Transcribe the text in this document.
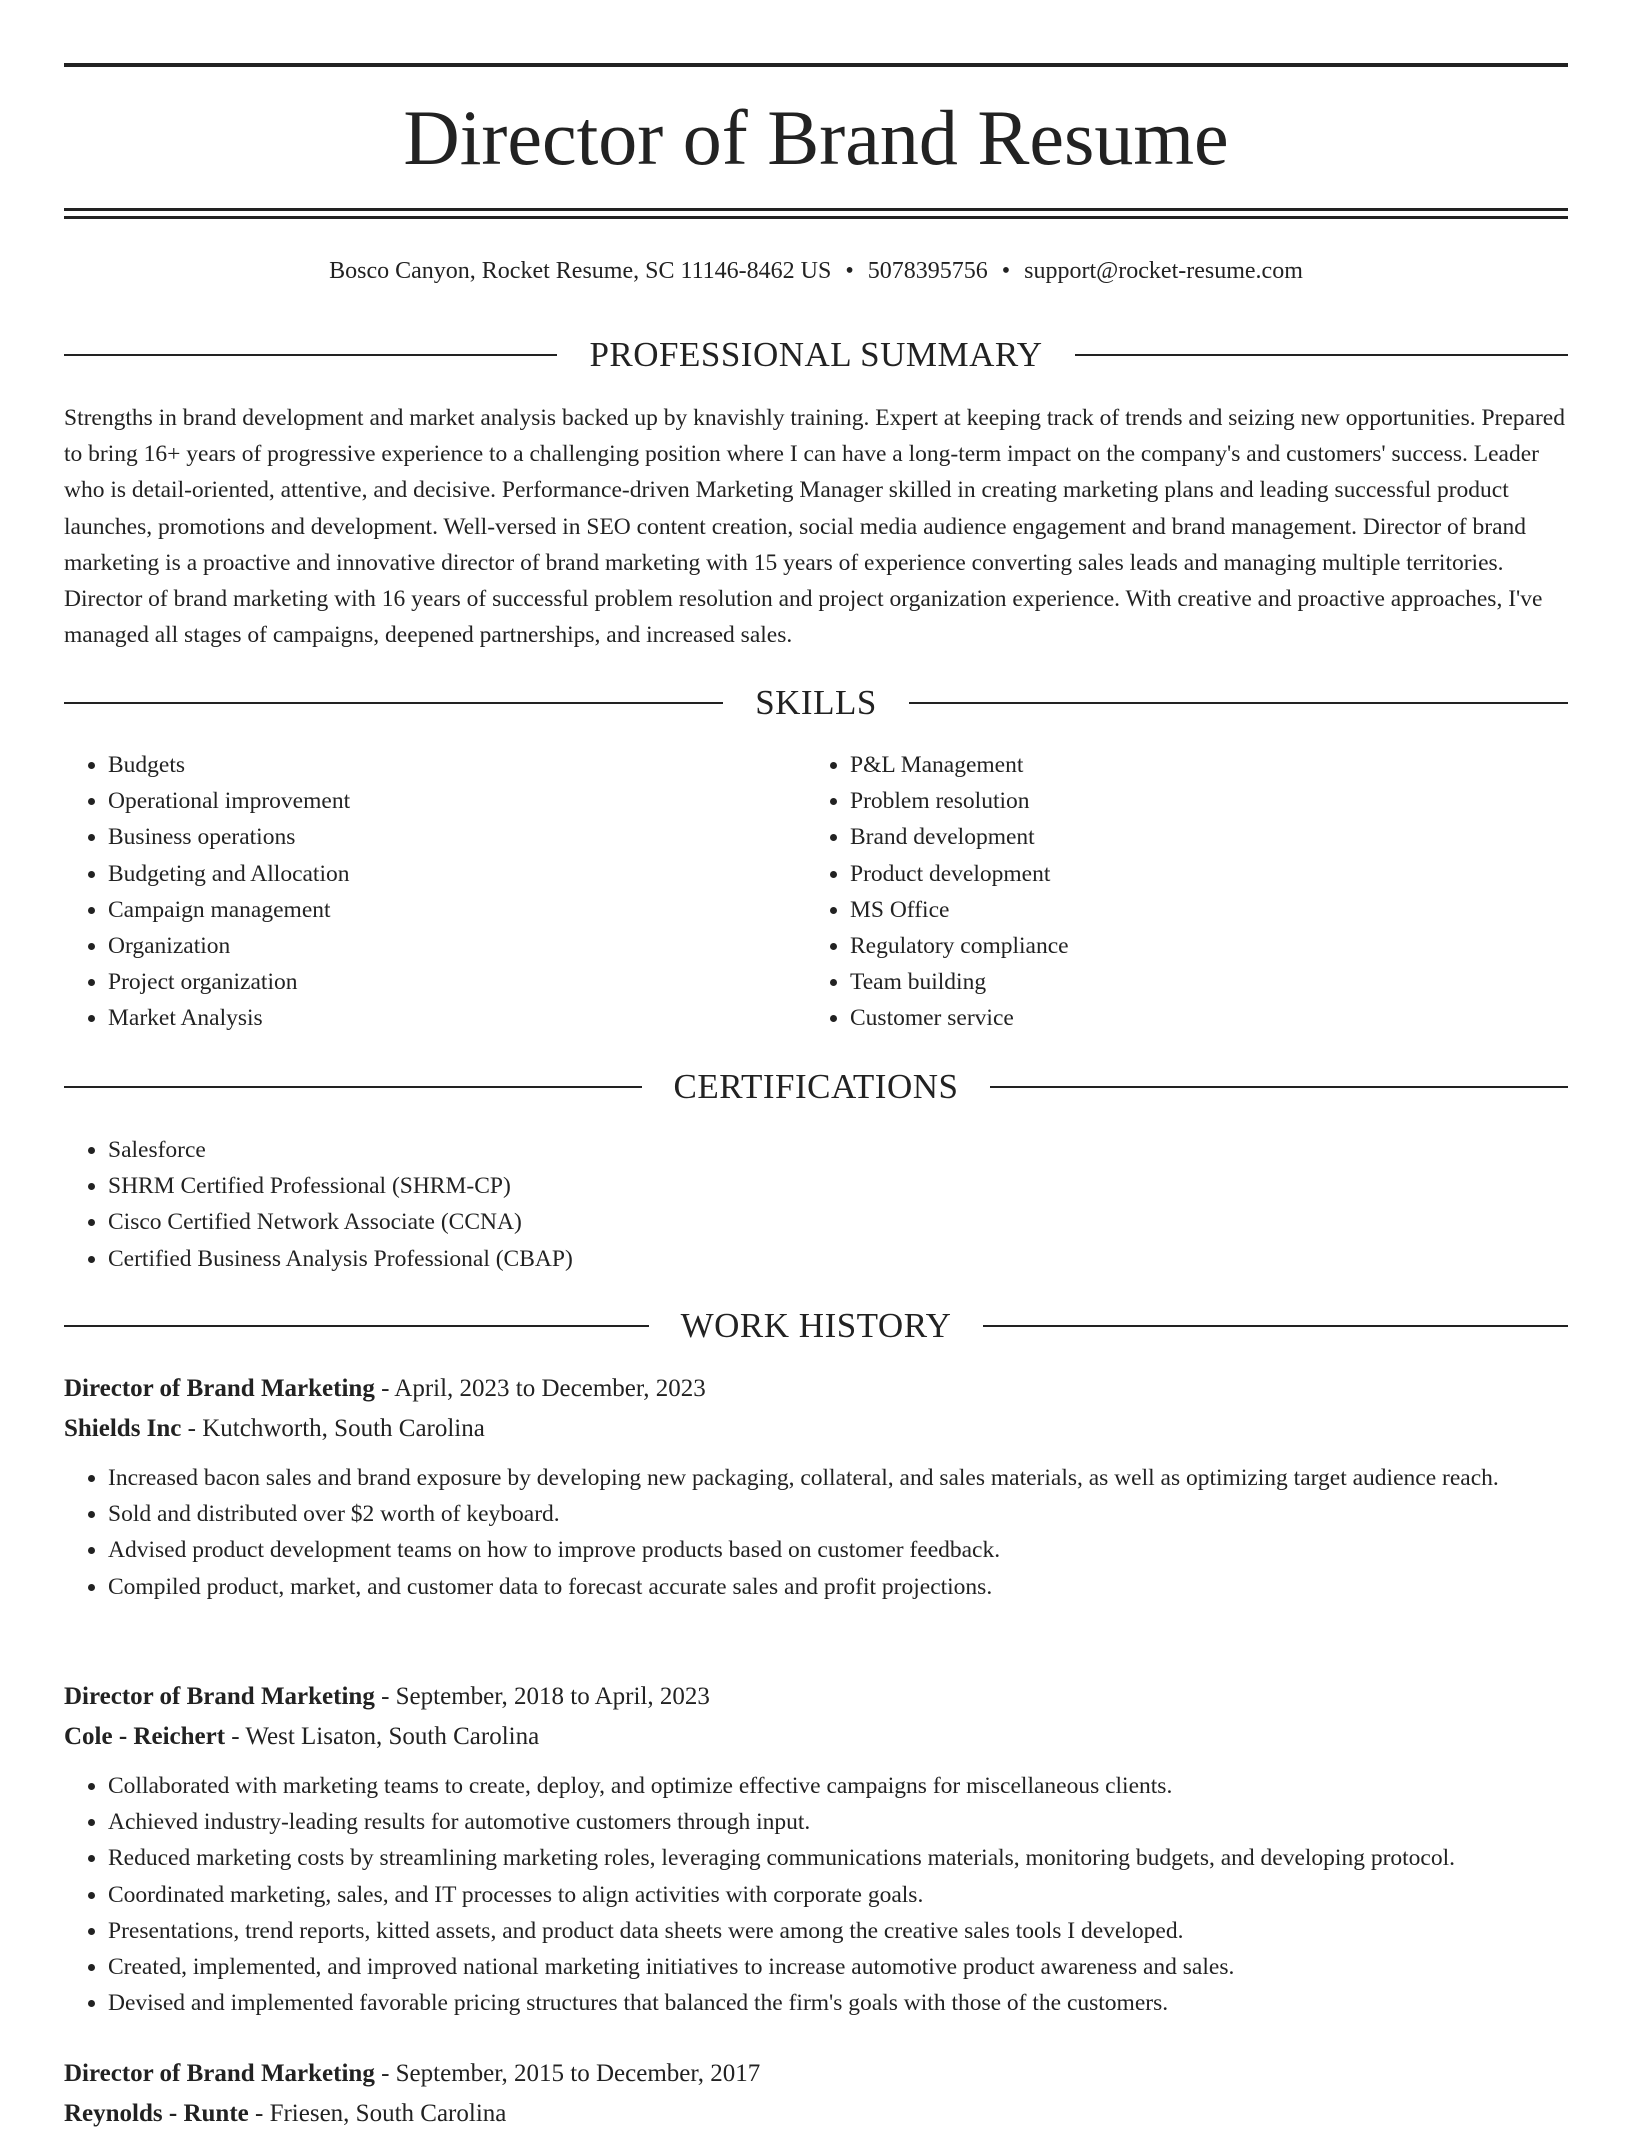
Director of Brand Resume
Bosco Canyon, Rocket Resume, SC 11146-8462 US • 5078395756 • support@rocket-resume.com
PROFESSIONAL SUMMARY

Strengths in brand development and market analysis backed up by knavishly training. Expert at keeping track of trends and seizing new opportunities. Prepared to bring 16+ years of progressive experience to a challenging position where I can have a long-term impact on the company's and customers' success. Leader who is detail-oriented, attentive, and decisive. Performance-driven Marketing Manager skilled in creating marketing plans and leading successful product launches, promotions and development. Well-versed in SEO content creation, social media audience engagement and brand management. Director of brand marketing is a proactive and innovative director of brand marketing with 15 years of experience converting sales leads and managing multiple territories. Director of brand marketing with 16 years of successful problem resolution and project organization experience. With creative and proactive approaches, I've managed all stages of campaigns, deepened partnerships, and increased sales.

SKILLS
• Budgets
• Operational improvement
• Business operations
• Budgeting and Allocation
• Campaign management
• Organization
• Project organization
• Market Analysis
• P&L Management
• Problem resolution
• Brand development
• Product development
• MS Office
• Regulatory compliance
• Team building
• Customer service
CERTIFICATIONS
• Salesforce
• SHRM Certified Professional (SHRM-CP)
• Cisco Certified Network Associate (CCNA)
• Certified Business Analysis Professional (CBAP)
WORK HISTORY
Director of Brand Marketing - April, 2023 to December, 2023
Shields Inc - Kutchworth, South Carolina
• Increased bacon sales and brand exposure by developing new packaging, collateral, and sales materials, as well as optimizing target audience reach.
• Sold and distributed over $2 worth of keyboard.
• Advised product development teams on how to improve products based on customer feedback.
• Compiled product, market, and customer data to forecast accurate sales and profit projections.
Director of Brand Marketing - September, 2018 to April, 2023
Cole - Reichert - West Lisaton, South Carolina
• Collaborated with marketing teams to create, deploy, and optimize effective campaigns for miscellaneous clients.
• Achieved industry-leading results for automotive customers through input.
• Reduced marketing costs by streamlining marketing roles, leveraging communications materials, monitoring budgets, and developing protocol.
• Coordinated marketing, sales, and IT processes to align activities with corporate goals.
• Presentations, trend reports, kitted assets, and product data sheets were among the creative sales tools I developed.
• Created, implemented, and improved national marketing initiatives to increase automotive product awareness and sales.
• Devised and implemented favorable pricing structures that balanced the firm's goals with those of the customers.
Director of Brand Marketing - September, 2015 to December, 2017
Reynolds - Runte - Friesen, South Carolina
